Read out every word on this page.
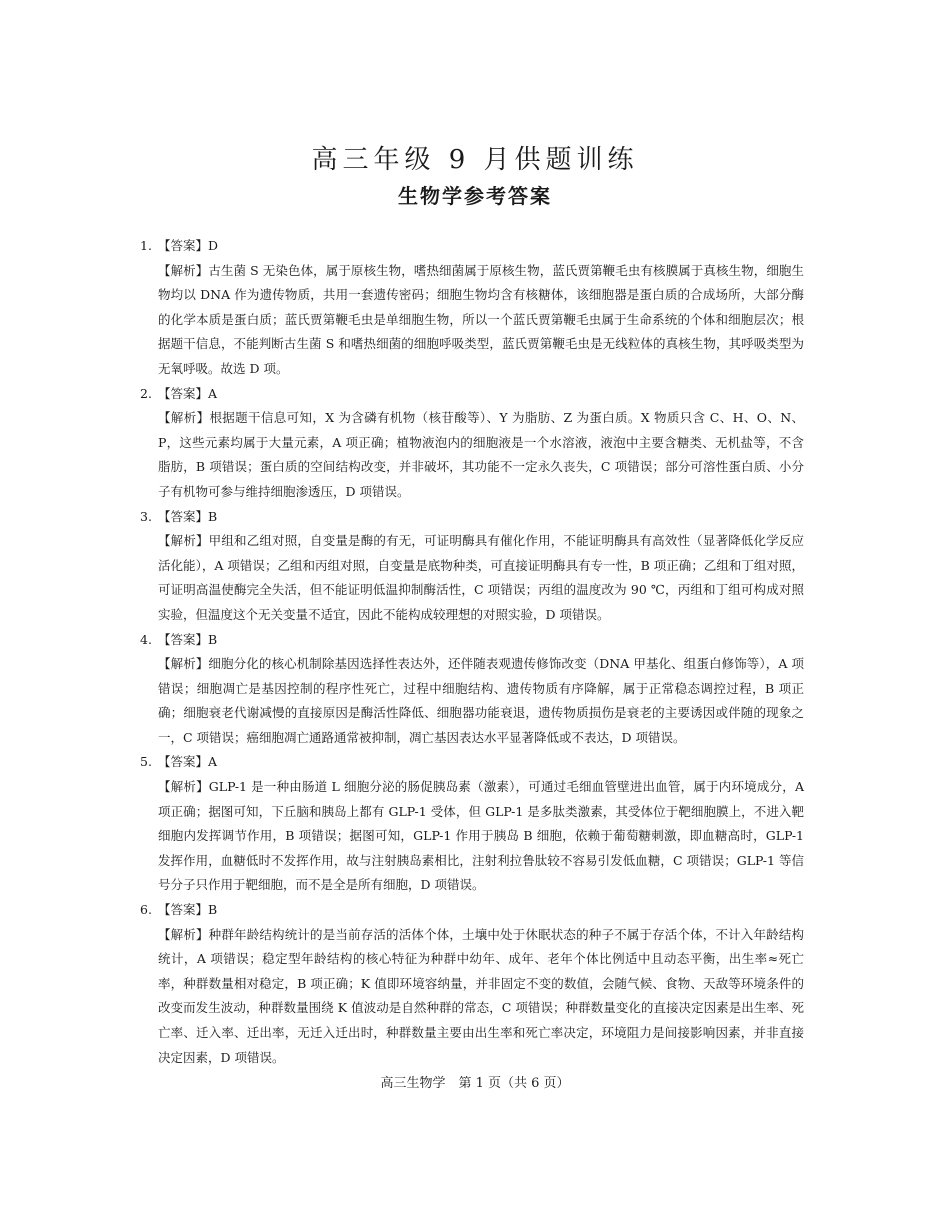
高三年级 9 月供题训练
生物学参考答案
1. 【答案】D
【解析】古生菌 S 无染色体，属于原核生物，嗜热细菌属于原核生物，蓝氏贾第鞭毛虫有核膜属于真核生物，细胞生物均以 DNA 作为遗传物质，共用一套遗传密码；细胞生物均含有核糖体，该细胞器是蛋白质的合成场所，大部分酶的化学本质是蛋白质；蓝氏贾第鞭毛虫是单细胞生物，所以一个蓝氏贾第鞭毛虫属于生命系统的个体和细胞层次；根据题干信息，不能判断古生菌 S 和嗜热细菌的细胞呼吸类型，蓝氏贾第鞭毛虫是无线粒体的真核生物，其呼吸类型为无氧呼吸。故选 D 项。
2. 【答案】A
【解析】根据题干信息可知，X 为含磷有机物（核苷酸等）、Y 为脂肪、Z 为蛋白质。X 物质只含 C、H、O、N、P，这些元素均属于大量元素，A 项正确；植物液泡内的细胞液是一个水溶液，液泡中主要含糖类、无机盐等，不含脂肪，B 项错误；蛋白质的空间结构改变，并非破坏，其功能不一定永久丧失，C 项错误；部分可溶性蛋白质、小分子有机物可参与维持细胞渗透压，D 项错误。
3. 【答案】B
【解析】甲组和乙组对照，自变量是酶的有无，可证明酶具有催化作用，不能证明酶具有高效性（显著降低化学反应活化能），A 项错误；乙组和丙组对照，自变量是底物种类，可直接证明酶具有专一性，B 项正确；乙组和丁组对照，可证明高温使酶完全失活，但不能证明低温抑制酶活性，C 项错误；丙组的温度改为 90 ℃，丙组和丁组可构成对照实验，但温度这个无关变量不适宜，因此不能构成较理想的对照实验，D 项错误。
4. 【答案】B
【解析】细胞分化的核心机制除基因选择性表达外，还伴随表观遗传修饰改变（DNA 甲基化、组蛋白修饰等），A 项错误；细胞凋亡是基因控制的程序性死亡，过程中细胞结构、遗传物质有序降解，属于正常稳态调控过程，B 项正确；细胞衰老代谢减慢的直接原因是酶活性降低、细胞器功能衰退，遗传物质损伤是衰老的主要诱因或伴随的现象之一，C 项错误；癌细胞凋亡通路通常被抑制，凋亡基因表达水平显著降低或不表达，D 项错误。
5. 【答案】A
【解析】GLP-1 是一种由肠道 L 细胞分泌的肠促胰岛素（激素），可通过毛细血管壁进出血管，属于内环境成分，A 项正确；据图可知，下丘脑和胰岛上都有 GLP-1 受体，但 GLP-1 是多肽类激素，其受体位于靶细胞膜上，不进入靶细胞内发挥调节作用，B 项错误；据图可知，GLP-1 作用于胰岛 B 细胞，依赖于葡萄糖刺激，即血糖高时，GLP-1 发挥作用，血糖低时不发挥作用，故与注射胰岛素相比，注射利拉鲁肽较不容易引发低血糖，C 项错误；GLP-1 等信号分子只作用于靶细胞，而不是全是所有细胞，D 项错误。
6. 【答案】B
【解析】种群年龄结构统计的是当前存活的活体个体，土壤中处于休眠状态的种子不属于存活个体，不计入年龄结构统计，A 项错误；稳定型年龄结构的核心特征为种群中幼年、成年、老年个体比例适中且动态平衡，出生率≈死亡率，种群数量相对稳定，B 项正确；K 值即环境容纳量，并非固定不变的数值，会随气候、食物、天敌等环境条件的改变而发生波动，种群数量围绕 K 值波动是自然种群的常态，C 项错误；种群数量变化的直接决定因素是出生率、死亡率、迁入率、迁出率，无迁入迁出时，种群数量主要由出生率和死亡率决定，环境阻力是间接影响因素，并非直接决定因素，D 项错误。
高三生物学　第 1 页（共 6 页）
